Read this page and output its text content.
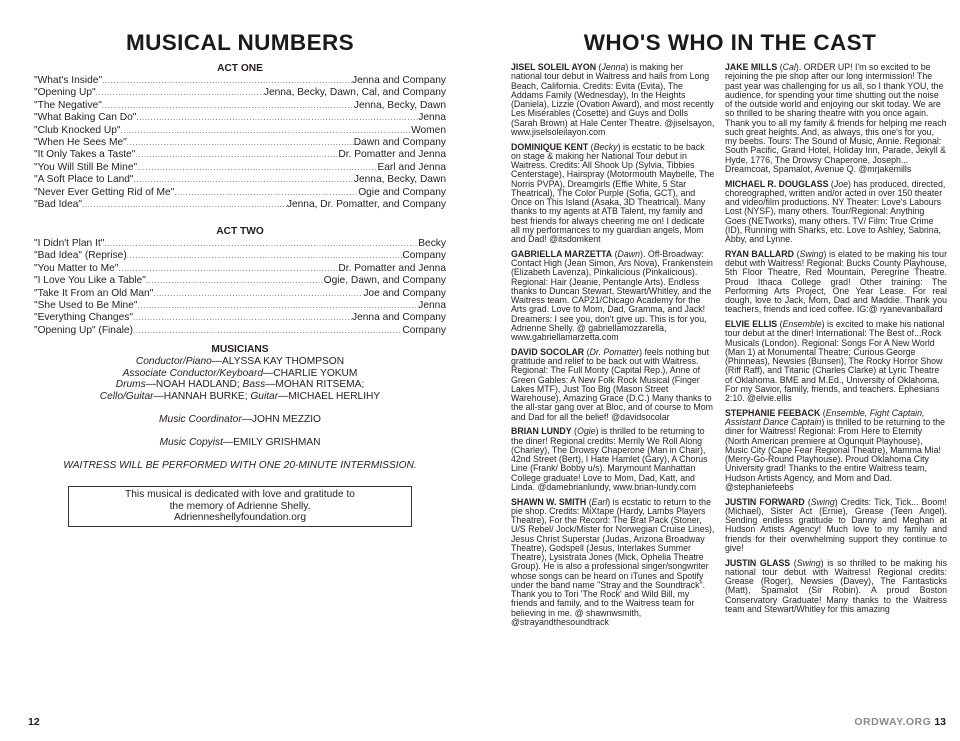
MUSICAL NUMBERS
ACT ONE
"What's Inside" .....	Jenna and Company
"Opening Up" .....	Jenna, Becky, Dawn, Cal, and Company
"The Negative" .....	Jenna, Becky, Dawn
"What Baking Can Do" .....	Jenna
"Club Knocked Up" .....	Women
"When He Sees Me" .....	Dawn and Company
"It Only Takes a Taste" .....	Dr. Pomatter and Jenna
"You Will Still Be Mine" .....	Earl and Jenna
"A Soft Place to Land" .....	Jenna, Becky, Dawn
"Never Ever Getting Rid of Me" .....	Ogie and Company
"Bad Idea" .....	Jenna, Dr. Pomatter, and Company
ACT TWO
"I Didn't Plan It" .....	Becky
"Bad Idea" (Reprise) .....	Company
"You Matter to Me" .....	Dr. Pomatter and Jenna
"I Love You Like a Table" .....	Ogie, Dawn, and Company
"Take It From an Old Man" .....	Joe and Company
"She Used to Be Mine" .....	Jenna
"Everything Changes" .....	Jenna and Company
"Opening Up" (Finale) .....	Company
MUSICIANS
Conductor/Piano—ALYSSA KAY THOMPSON
Associate Conductor/Keyboard—CHARLIE YOKUM
Drums—NOAH HADLAND; Bass—MOHAN RITSEMA;
Cello/Guitar—HANNAH BURKE; Guitar—MICHAEL HERLIHY
Music Coordinator—JOHN MEZZIO
Music Copyist—EMILY GRISHMAN
WAITRESS WILL BE PERFORMED WITH ONE 20-MINUTE INTERMISSION.
This musical is dedicated with love and gratitude to
the memory of Adrienne Shelly.
Adrienneshellyfoundation.org
12
WHO'S WHO IN THE CAST
JISEL SOLEIL AYON (Jenna) is making her national tour debut in Waitress and hails from Long Beach, California. Credits: Evita (Evita), The Addams Family (Wednesday), In the Heights (Daniela), Lizzie (Ovation Award), and most recently Les Misérables (Cosette) and Guys and Dolls (Sarah Brown) at Hale Center Theatre. @jiselsayon, www.jiselsoleilayon.com
DOMINIQUE KENT (Becky) is ecstatic to be back on stage & making her National Tour debut in Waitress. Credits: All Shook Up (Sylvia, Tibbies Centerstage), Hairspray (Motormouth Maybelle, The Norris PVPA), Dreamgirls (Effie White, 5 Star Theatrical), The Color Purple (Sofia, GCT), and Once on This Island (Asaka, 3D Theatrical). Many thanks to my agents at ATB Talent, my family and best friends for always cheering me on! I dedicate all my performances to my guardian angels, Mom and Dad! @itsdomkent
GABRIELLA MARZETTA (Dawn). Off-Broadway: Contact High (Jean Simon, Ars Nova), Frankenstein (Elizabeth Lavenza), Pinkalicious (Pinkalicious). Regional: Hair (Jeanie, Pentangle Arts). Endless thanks to Duncan Stewart, Stewart/Whitley, and the Waitress team. CAP21/Chicago Academy for the Arts grad. Love to Mom, Dad, Gramma, and Jack! Dreamers: I see you, don't give up. This is for you, Adrienne Shelly. @ gabriellamozzarella, www.gabriellamarzetta.com
DAVID SOCOLAR (Dr. Pomatter) feels nothing but gratitude and relief to be back out with Waitress. Regional: The Full Monty (Capital Rep.), Anne of Green Gables: A New Folk Rock Musical (Finger Lakes MTF), Just Too Big (Mason Street Warehouse), Amazing Grace (D.C.) Many thanks to the all-star gang over at Bloc, and of course to Mom and Dad for all the belief! @davidsocolar
BRIAN LUNDY (Ogie) is thrilled to be returning to the diner! Regional credits: Merrily We Roll Along (Charley), The Drowsy Chaperone (Man in Chair), 42nd Street (Bert), I Hate Hamlet (Gary), A Chorus Line (Frank/ Bobby u/s). Marymount Manhattan College graduate! Love to Mom, Dad, Katt, and Linda. @damebrianlundy, www.brian-lundy.com
SHAWN W. SMITH (Earl) is ecstatic to return to the pie shop. Credits: MiXtape (Hardy, Lambs Players Theatre), For the Record: The Brat Pack (Stoner, U/S Rebel/ Jock/Mister for Norwegian Cruise Lines), Jesus Christ Superstar (Judas, Arizona Broadway Theatre), Godspell (Jesus, Interlakes Summer Theatre), Lysistrata Jones (Mick, Ophelia Theatre Group). He is also a professional singer/songwriter whose songs can be heard on iTunes and Spotify under the band name "Stray and the Soundtrack". Thank you to Tori 'The Rock' and Wild Bill, my friends and family, and to the Waitress team for believing in me. @ shawnwsmith, @strayandthesoundtrack
JAKE MILLS (Cal). ORDER UP! I'm so excited to be rejoining the pie shop after our long intermission! The past year was challenging for us all, so I thank YOU, the audience, for spending your time shutting out the noise of the outside world and enjoying our skit today. We are so thrilled to be sharing theatre with you once again. Thank you to all my family & friends for helping me reach such great heights. And, as always, this one's for you, my beebs. Tours: The Sound of Music, Annie. Regional: South Pacific, Grand Hotel, Holiday Inn, Parade, Jekyll & Hyde, 1776, The Drowsy Chaperone, Joseph... Dreamcoat, Spamalot, Avenue Q. @mrjakemills
MICHAEL R. DOUGLASS (Joe) has produced, directed, choreographed, written and/or acted in over 150 theater and video/film productions. NY Theater: Love's Labours Lost (NYSF), many others. Tour/Regional: Anything Goes (NETworks), many others. TV/ Film: True Crime (ID), Running with Sharks, etc. Love to Ashley, Sabrina, Abby, and Lynne.
RYAN BALLARD (Swing) is elated to be making his tour debut with Waitress! Regional: Bucks County Playhouse, 5th Floor Theatre, Red Mountain, Peregrine Theatre. Proud Ithaca College grad! Other training: The Performing Arts Project, One Year Lease. For real dough, love to Jack, Mom, Dad and Maddie. Thank you teachers, friends and iced coffee. IG:@ ryanevanballard
ELVIE ELLIS (Ensemble) is excited to make his national tour debut at the diner! International: The Best of...Rock Musicals (London). Regional: Songs For A New World (Man 1) at Monumental Theatre; Curious George (Phinneas), Newsies (Bunsen), The Rocky Horror Show (Riff Raff), and Titanic (Charles Clarke) at Lyric Theatre of Oklahoma. BME and M.Ed., University of Oklahoma. For my Savior, family, friends, and teachers. Ephesians 2:10. @elvie.ellis
STEPHANIE FEEBACK (Ensemble, Fight Captain, Assistant Dance Captain) is thrilled to be returning to the diner for Waitress! Regional: From Here to Eternity (North American premiere at Ogunquit Playhouse), Music City (Cape Fear Regional Theatre), Mamma Mia! (Merry-Go-Round Playhouse). Proud Oklahoma City University grad! Thanks to the entire Waitress team, Hudson Artists Agency, and Mom and Dad. @stephaniefeebs
JUSTIN FORWARD (Swing) Credits: Tick, Tick... Boom! (Michael), Sister Act (Ernie), Grease (Teen Angel). Sending endless gratitude to Danny and Meghan at Hudson Artists Agency! Much love to my family and friends for their overwhelming support they continue to give!
JUSTIN GLASS (Swing) is so thrilled to be making his national tour debut with Waitress! Regional credits: Grease (Roger), Newsies (Davey), The Fantasticks (Matt), Spamalot (Sir Robin). A proud Boston Conservatory Graduate! Many thanks to the Waitress team and Stewart/Whitley for this amazing
ORDWAY.ORG 13
